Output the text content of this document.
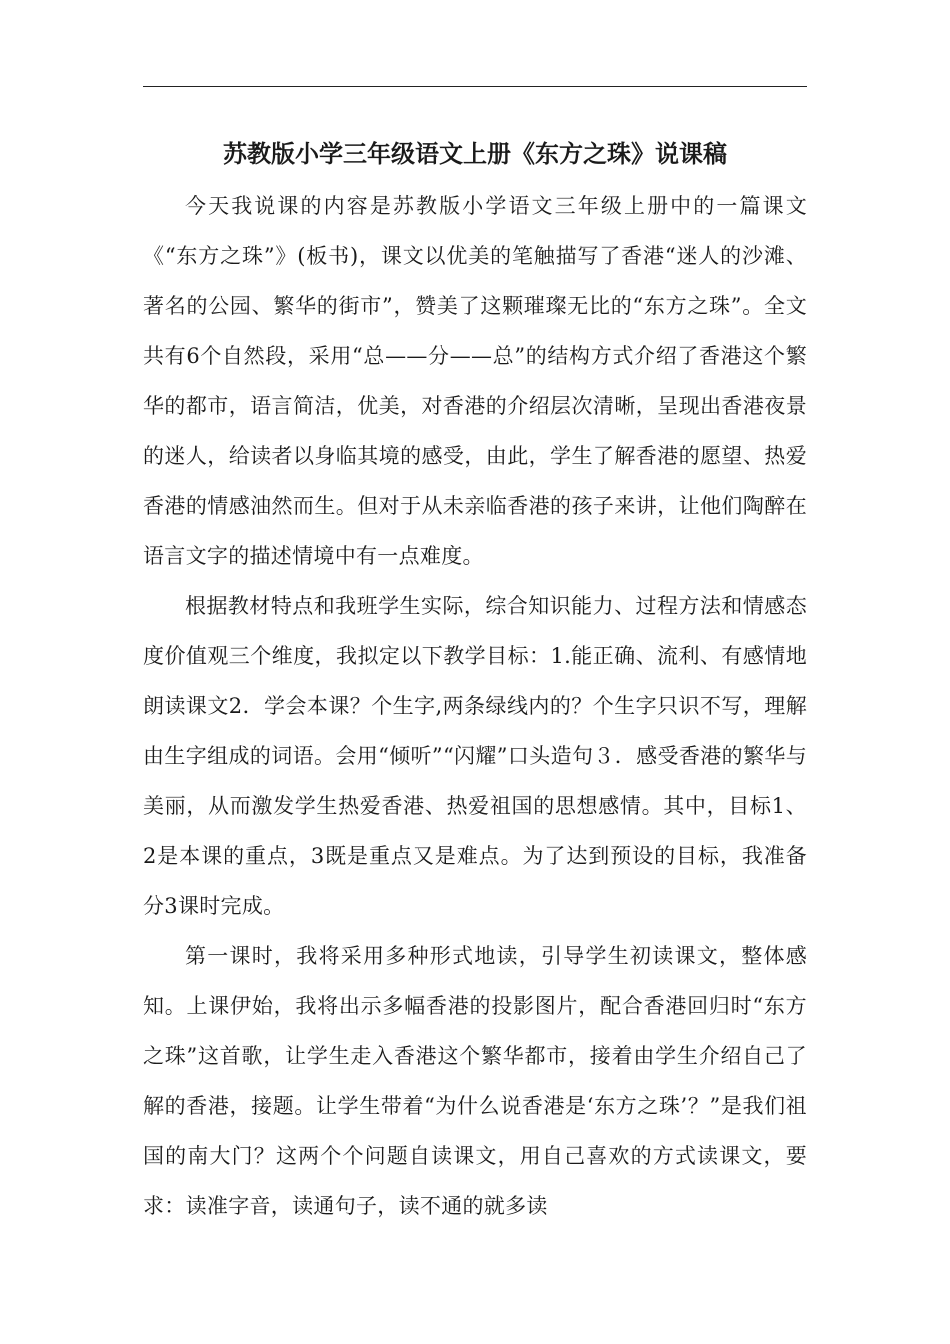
苏教版小学三年级语文上册《东方之珠》说课稿

今天我说课的内容是苏教版小学语文三年级上册中的一篇课文《“东方之珠”》(板书)，课文以优美的笔触描写了香港“迷人的沙滩、著名的公园、繁华的街市”，赞美了这颗璀璨无比的“东方之珠”。全文共有6个自然段，采用“总——分——总”的结构方式介绍了香港这个繁华的都市，语言简洁，优美，对香港的介绍层次清晰，呈现出香港夜景的迷人，给读者以身临其境的感受，由此，学生了解香港的愿望、热爱香港的情感油然而生。但对于从未亲临香港的孩子来讲，让他们陶醉在语言文字的描述情境中有一点难度。

根据教材特点和我班学生实际，综合知识能力、过程方法和情感态度价值观三个维度，我拟定以下教学目标：1.能正确、流利、有感情地朗读课文2．学会本课？个生字,两条绿线内的？个生字只识不写，理解由生字组成的词语。会用“倾听”“闪耀”口头造句３．感受香港的繁华与美丽，从而激发学生热爱香港、热爱祖国的思想感情。其中，目标1、2是本课的重点，3既是重点又是难点。为了达到预设的目标，我准备分3课时完成。

第一课时，我将采用多种形式地读，引导学生初读课文，整体感知。上课伊始，我将出示多幅香港的投影图片，配合香港回归时“东方之珠”这首歌，让学生走入香港这个繁华都市，接着由学生介绍自己了解的香港，接题。让学生带着“为什么说香港是‘东方之珠’？”是我们祖国的南大门？这两个个问题自读课文，用自己喜欢的方式读课文，要求：读准字音，读通句子，读不通的就多读
